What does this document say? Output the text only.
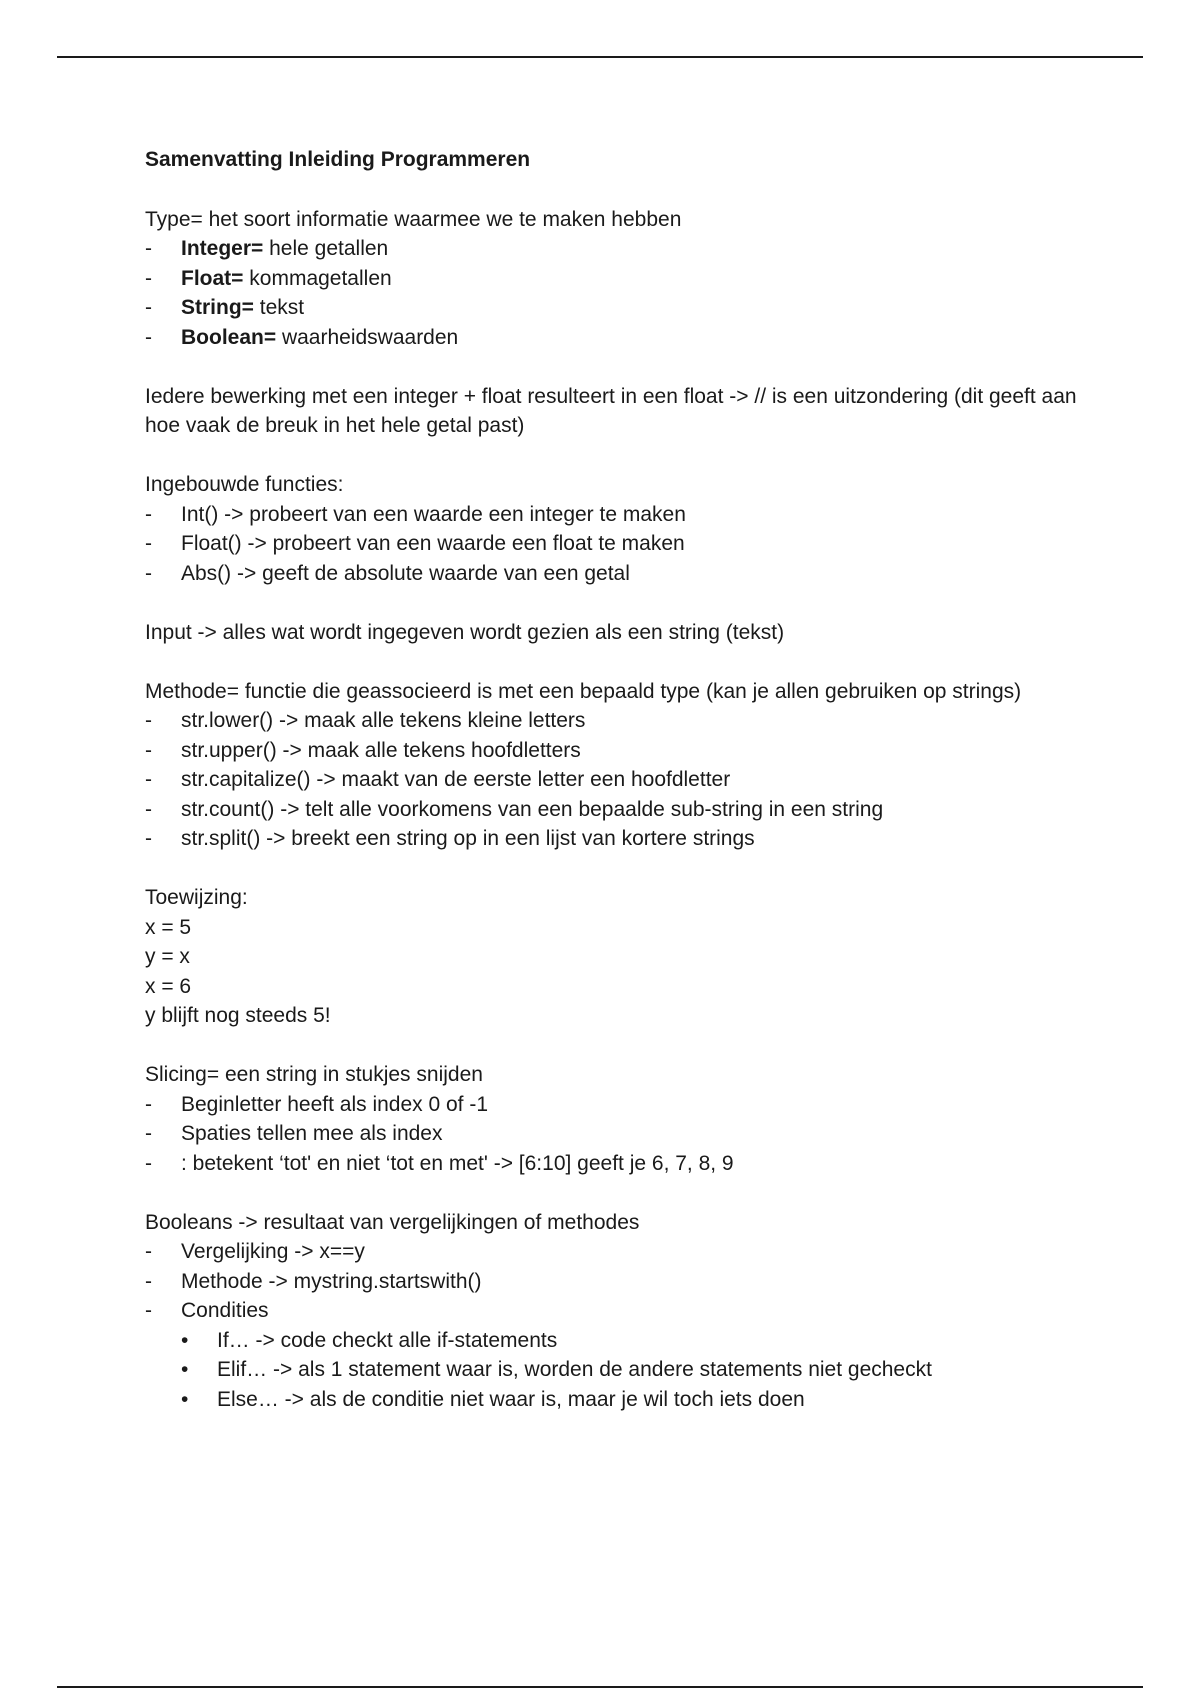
Samenvatting Inleiding Programmeren

Type= het soort informatie waarmee we te maken hebben

- Integer= hele getallen
- Float= kommagetallen
- String= tekst
- Boolean= waarheidswaarden

Iedere bewerking met een integer + float resulteert in een float -> // is een uitzondering (dit geeft aan hoe vaak de breuk in het hele getal past)

Ingebouwde functies:

- Int() -> probeert van een waarde een integer te maken
- Float() -> probeert van een waarde een float te maken
- Abs() -> geeft de absolute waarde van een getal

Input -> alles wat wordt ingegeven wordt gezien als een string (tekst)

Methode= functie die geassocieerd is met een bepaald type (kan je allen gebruiken op strings)

- str.lower() -> maak alle tekens kleine letters
- str.upper() -> maak alle tekens hoofdletters
- str.capitalize() -> maakt van de eerste letter een hoofdletter
- str.count() -> telt alle voorkomens van een bepaalde sub-string in een string
- str.split() -> breekt een string op in een lijst van kortere strings

Toewijzing:

x = 5

y = x

x = 6

y blijft nog steeds 5!

Slicing= een string in stukjes snijden

- Beginletter heeft als index 0 of -1
- Spaties tellen mee als index
- : betekent ‘tot' en niet ‘tot en met' -> [6:10] geeft je 6, 7, 8, 9

Booleans -> resultaat van vergelijkingen of methodes

- Vergelijking -> x==y
- Methode -> mystring.startswith()
- Condities
• If… -> code checkt alle if-statements
• Elif… -> als 1 statement waar is, worden de andere statements niet gecheckt
• Else… -> als de conditie niet waar is, maar je wil toch iets doen
